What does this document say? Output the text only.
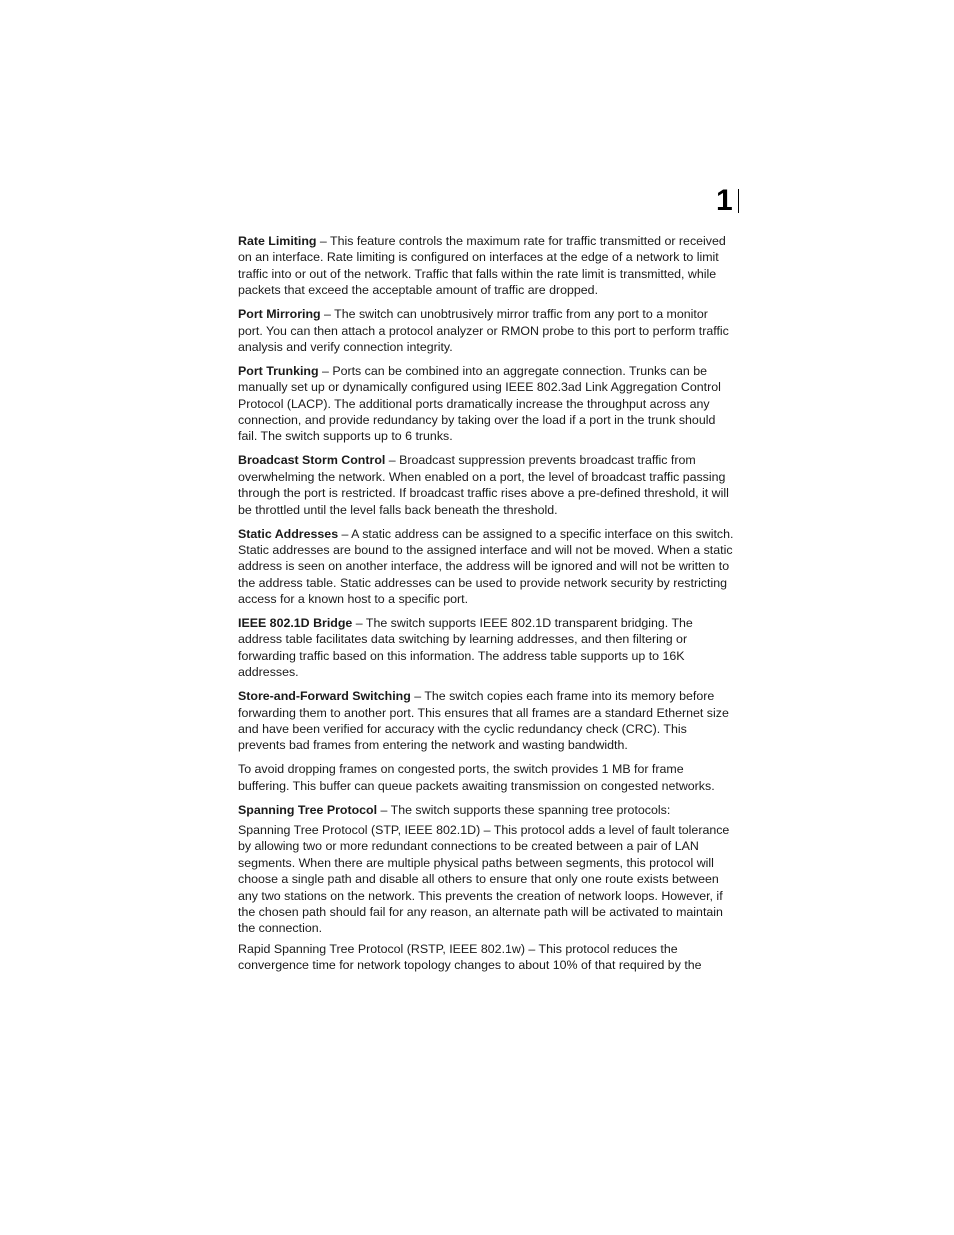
1

Rate Limiting – This feature controls the maximum rate for traffic transmitted or received on an interface. Rate limiting is configured on interfaces at the edge of a network to limit traffic into or out of the network. Traffic that falls within the rate limit is transmitted, while packets that exceed the acceptable amount of traffic are dropped.

Port Mirroring – The switch can unobtrusively mirror traffic from any port to a monitor port. You can then attach a protocol analyzer or RMON probe to this port to perform traffic analysis and verify connection integrity.

Port Trunking – Ports can be combined into an aggregate connection. Trunks can be manually set up or dynamically configured using IEEE 802.3ad Link Aggregation Control Protocol (LACP). The additional ports dramatically increase the throughput across any connection, and provide redundancy by taking over the load if a port in the trunk should fail. The switch supports up to 6 trunks.

Broadcast Storm Control – Broadcast suppression prevents broadcast traffic from overwhelming the network. When enabled on a port, the level of broadcast traffic passing through the port is restricted. If broadcast traffic rises above a pre-defined threshold, it will be throttled until the level falls back beneath the threshold.

Static Addresses – A static address can be assigned to a specific interface on this switch. Static addresses are bound to the assigned interface and will not be moved. When a static address is seen on another interface, the address will be ignored and will not be written to the address table. Static addresses can be used to provide network security by restricting access for a known host to a specific port.

IEEE 802.1D Bridge – The switch supports IEEE 802.1D transparent bridging. The address table facilitates data switching by learning addresses, and then filtering or forwarding traffic based on this information. The address table supports up to 16K addresses.

Store-and-Forward Switching – The switch copies each frame into its memory before forwarding them to another port. This ensures that all frames are a standard Ethernet size and have been verified for accuracy with the cyclic redundancy check (CRC). This prevents bad frames from entering the network and wasting bandwidth.

To avoid dropping frames on congested ports, the switch provides 1 MB for frame buffering. This buffer can queue packets awaiting transmission on congested networks.

Spanning Tree Protocol – The switch supports these spanning tree protocols:

Spanning Tree Protocol (STP, IEEE 802.1D) – This protocol adds a level of fault tolerance by allowing two or more redundant connections to be created between a pair of LAN segments. When there are multiple physical paths between segments, this protocol will choose a single path and disable all others to ensure that only one route exists between any two stations on the network. This prevents the creation of network loops. However, if the chosen path should fail for any reason, an alternate path will be activated to maintain the connection.

Rapid Spanning Tree Protocol (RSTP, IEEE 802.1w) – This protocol reduces the convergence time for network topology changes to about 10% of that required by the
